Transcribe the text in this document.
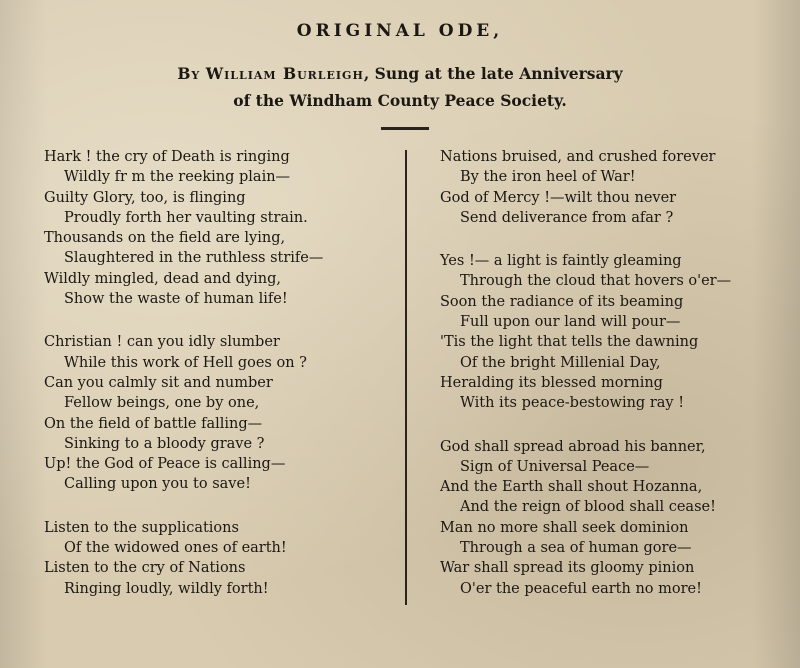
ORIGINAL ODE,
By William Burleigh, Sung at the late Anniversary
of the Windham County Peace Society.
Hark ! the cry of Death is ringing
Wildly fr m the reeking plain—
Guilty Glory, too, is flinging
Proudly forth her vaulting strain.
Thousands on the field are lying,
Slaughtered in the ruthless strife—
Wildly mingled, dead and dying,
Show the waste of human life!
Christian ! can you idly slumber
While this work of Hell goes on ?
Can you calmly sit and number
Fellow beings, one by one,
On the field of battle falling—
Sinking to a bloody grave ?
Up! the God of Peace is calling—
Calling upon you to save!
Listen to the supplications
Of the widowed ones of earth!
Listen to the cry of Nations
Ringing loudly, wildly forth!
Nations bruised, and crushed forever
By the iron heel of War!
God of Mercy !—wilt thou never
Send deliverance from afar ?
Yes !— a light is faintly gleaming
Through the cloud that hovers o'er—
Soon the radiance of its beaming
Full upon our land will pour—
'Tis the light that tells the dawning
Of the bright Millenial Day,
Heralding its blessed morning
With its peace-bestowing ray !
God shall spread abroad his banner,
Sign of Universal Peace—
And the Earth shall shout Hozanna,
And the reign of blood shall cease!
Man no more shall seek dominion
Through a sea of human gore—
War shall spread its gloomy pinion
O'er the peaceful earth no more!
